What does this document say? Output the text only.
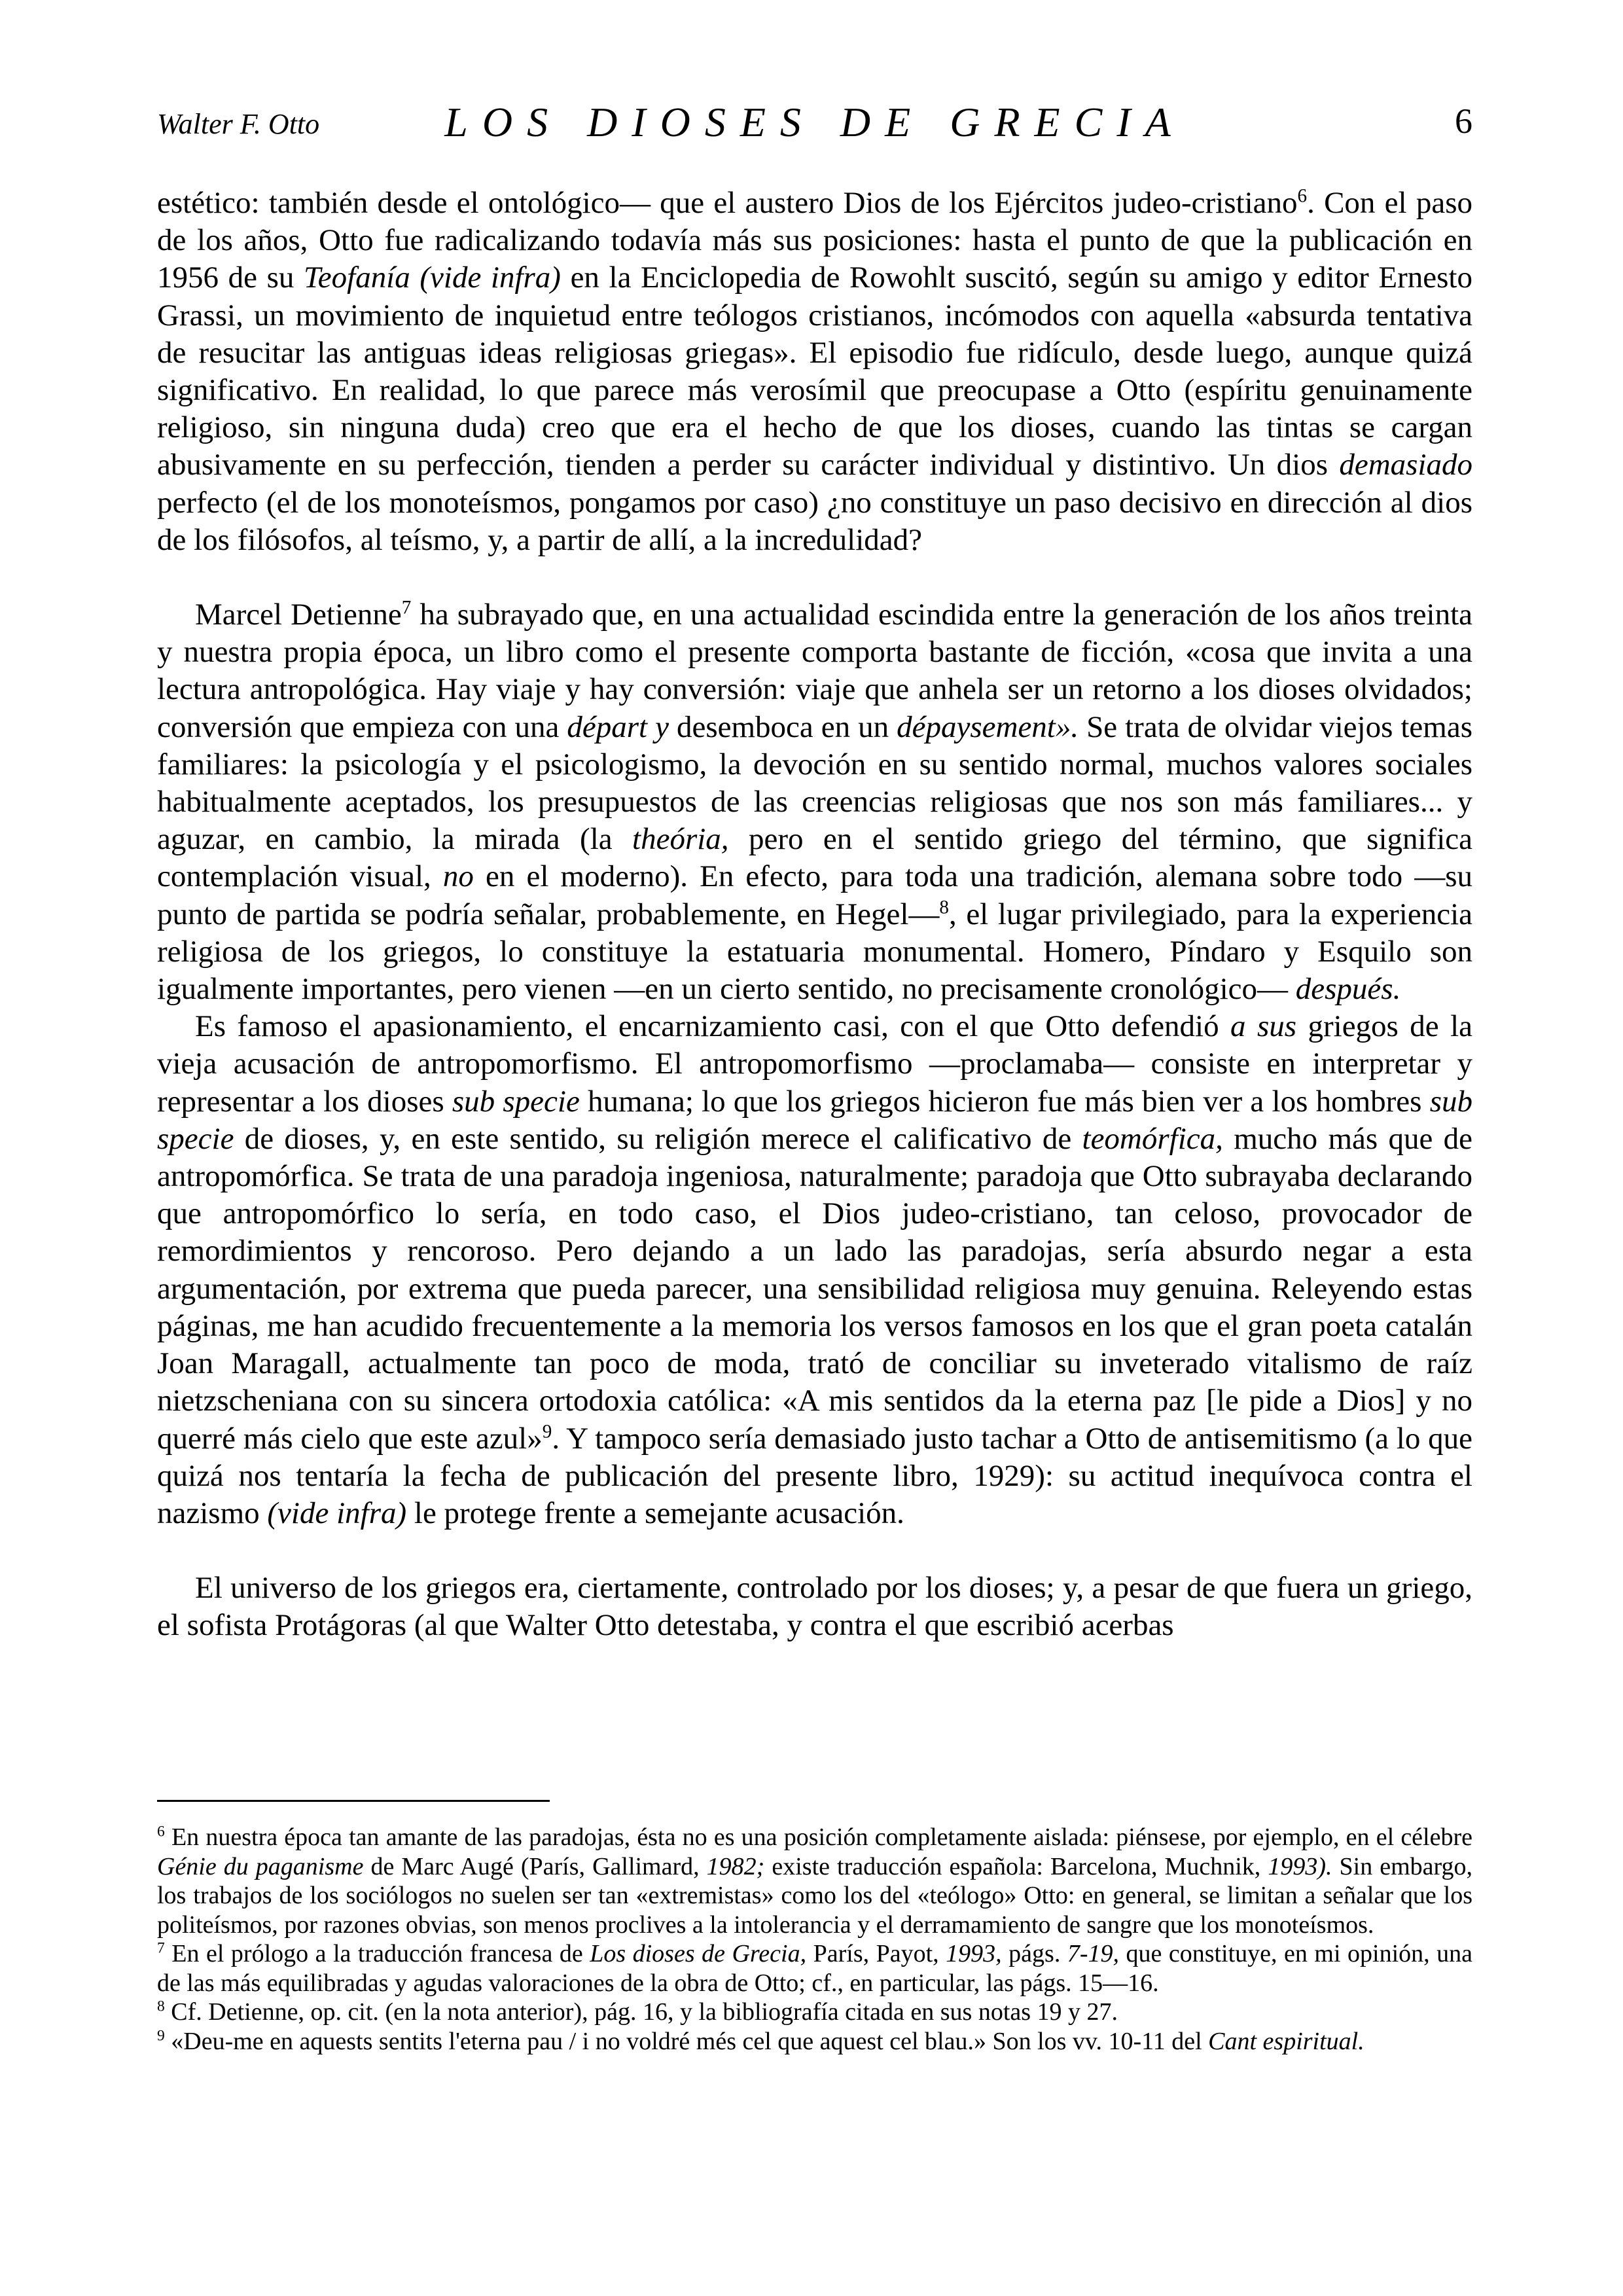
Walter F. Otto	LOS DIOSES DE GRECIA	6

estético: también desde el ontológico— que el austero Dios de los Ejércitos judeo-cristiano$^6$. Con el paso de los años, Otto fue radicalizando todavía más sus posiciones: hasta el punto de que la publicación en 1956 de su Teofanía (vide infra) en la Enciclopedia de Rowohlt suscitó, según su amigo y editor Ernesto Grassi, un movimiento de inquietud entre teólogos cristianos, incómodos con aquella «absurda tentativa de resucitar las antiguas ideas religiosas griegas». El episodio fue ridículo, desde luego, aunque quizá significativo. En realidad, lo que parece más verosímil que preocupase a Otto (espíritu genuinamente religioso, sin ninguna duda) creo que era el hecho de que los dioses, cuando las tintas se cargan abusivamente en su perfección, tienden a perder su carácter individual y distintivo. Un dios demasiado perfecto (el de los monoteísmos, pongamos por caso) ¿no constituye un paso decisivo en dirección al dios de los filósofos, al teísmo, y, a partir de allí, a la incredulidad?

Marcel Detienne$^7$ ha subrayado que, en una actualidad escindida entre la generación de los años treinta y nuestra propia época, un libro como el presente comporta bastante de ficción, «cosa que invita a una lectura antropológica. Hay viaje y hay conversión: viaje que anhela ser un retorno a los dioses olvidados; conversión que empieza con una départ y desemboca en un dépaysement». Se trata de olvidar viejos temas familiares: la psicología y el psicologismo, la devoción en su sentido normal, muchos valores sociales habitualmente aceptados, los presupuestos de las creencias religiosas que nos son más familiares... y aguzar, en cambio, la mirada (la theória, pero en el sentido griego del término, que significa contemplación visual, no en el moderno). En efecto, para toda una tradición, alemana sobre todo —su punto de partida se podría señalar, probablemente, en Hegel—$^8$, el lugar privilegiado, para la experiencia religiosa de los griegos, lo constituye la estatuaria monumental. Homero, Píndaro y Esquilo son igualmente importantes, pero vienen —en un cierto sentido, no precisamente cronológico— después.

Es famoso el apasionamiento, el encarnizamiento casi, con el que Otto defendió a sus griegos de la vieja acusación de antropomorfismo. El antropomorfismo —proclamaba— consiste en interpretar y representar a los dioses sub specie humana; lo que los griegos hicieron fue más bien ver a los hombres sub specie de dioses, y, en este sentido, su religión merece el calificativo de teomórfica, mucho más que de antropomórfica. Se trata de una paradoja ingeniosa, naturalmente; paradoja que Otto subrayaba declarando que antropomórfico lo sería, en todo caso, el Dios judeo-cristiano, tan celoso, provocador de remordimientos y rencoroso. Pero dejando a un lado las paradojas, sería absurdo negar a esta argumentación, por extrema que pueda parecer, una sensibilidad religiosa muy genuina. Releyendo estas páginas, me han acudido frecuentemente a la memoria los versos famosos en los que el gran poeta catalán Joan Maragall, actualmente tan poco de moda, trató de conciliar su inveterado vitalismo de raíz nietzscheniana con su sincera ortodoxia católica: «A mis sentidos da la eterna paz [le pide a Dios] y no querré más cielo que este azul»$^9$. Y tampoco sería demasiado justo tachar a Otto de antisemitismo (a lo que quizá nos tentaría la fecha de publicación del presente libro, 1929): su actitud inequívoca contra el nazismo (vide infra) le protege frente a semejante acusación.

El universo de los griegos era, ciertamente, controlado por los dioses; y, a pesar de que fuera un griego, el sofista Protágoras (al que Walter Otto detestaba, y contra el que escribió acerbas

$^6$ En nuestra época tan amante de las paradojas, ésta no es una posición completamente aislada: piénsese, por ejemplo, en el célebre Génie du paganisme de Marc Augé (París, Gallimard, 1982; existe traducción española: Barcelona, Muchnik, 1993). Sin embargo, los trabajos de los sociólogos no suelen ser tan «extremistas» como los del «teólogo» Otto: en general, se limitan a señalar que los politeísmos, por razones obvias, son menos proclives a la intolerancia y el derramamiento de sangre que los monoteísmos.

$^7$ En el prólogo a la traducción francesa de Los dioses de Grecia, París, Payot, 1993, págs. 7-19, que constituye, en mi opinión, una de las más equilibradas y agudas valoraciones de la obra de Otto; cf., en particular, las págs. 15—16.

$^8$ Cf. Detienne, op. cit. (en la nota anterior), pág. 16, y la bibliografía citada en sus notas 19 y 27.

$^9$ «Deu-me en aquests sentits l'eterna pau / i no voldré més cel que aquest cel blau.» Son los vv. 10-11 del Cant espiritual.
